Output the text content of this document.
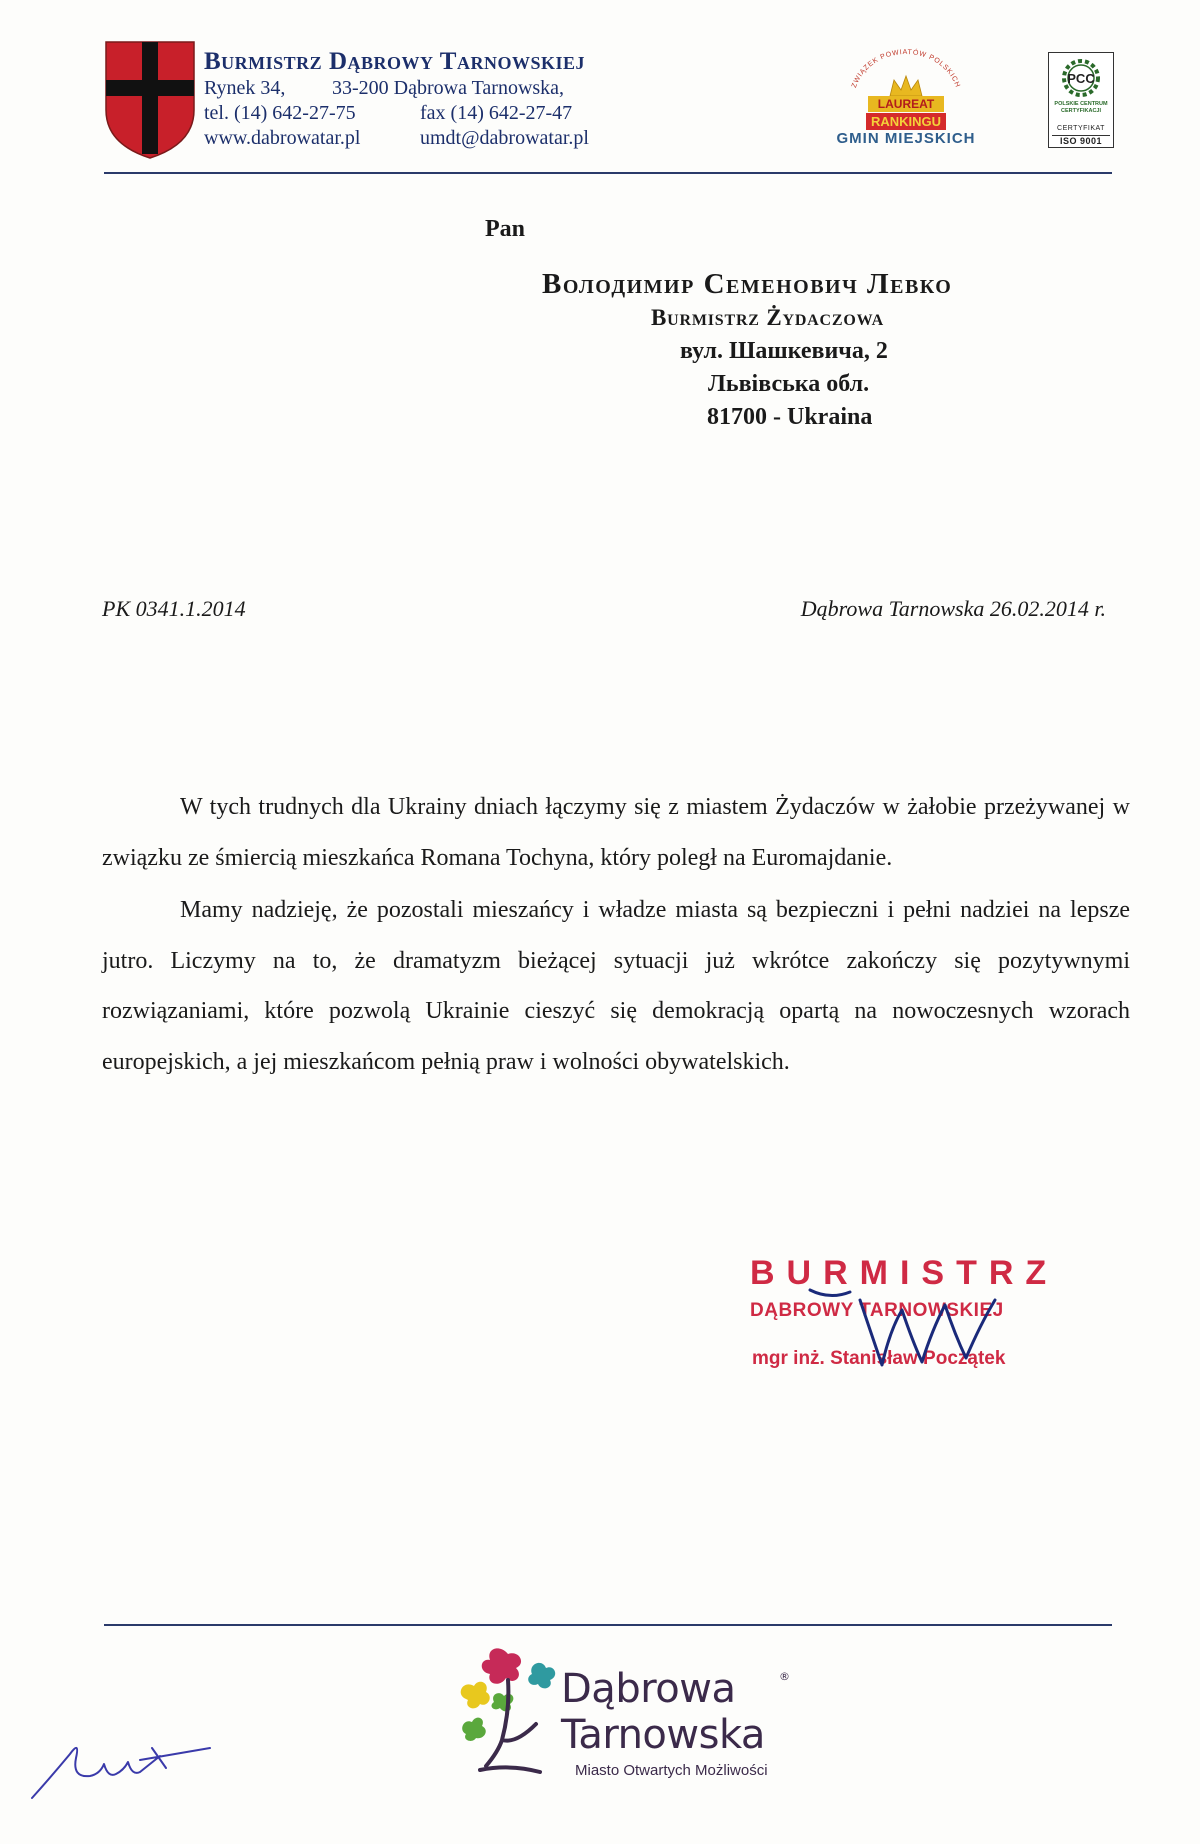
Burmistrz Dąbrowy Tarnowskiej
Rynek 34, 33-200 Dąbrowa Tarnowska,
tel. (14) 642-27-75	fax (14) 642-27-47
www.dabrowatar.pl	umdt@dabrowatar.pl
ZWIĄZEK POWIATÓW POLSKICH
LAUREAT
RANKINGU
GMIN MIEJSKICH
PCC
POLSKIE CENTRUM CERTYFIKACJI
CERTYFIKAT
ISO 9001
Pan
Володимир Семенович Левко
Burmistrz Żydaczowa
вул. Шашкевича, 2
Львівська обл.
81700 - Ukraina
PK 0341.1.2014	Dąbrowa Tarnowska 26.02.2014 r.

W tych trudnych dla Ukrainy dniach łączymy się z miastem Żydaczów w żałobie przeżywanej w związku ze śmiercią mieszkańca Romana Tochyna, który poległ na Euromajdanie.

Mamy nadzieję, że pozostali mieszańcy i władze miasta są bezpieczni i pełni nadziei na lepsze jutro. Liczymy na to, że dramatyzm bieżącej sytuacji już wkrótce zakończy się pozytywnymi rozwiązaniami, które pozwolą Ukrainie cieszyć się demokracją opartą na nowoczesnych wzorach europejskich, a jej mieszkańcom pełnią praw i wolności obywatelskich.

BURMISTRZ
DĄBROWY TARNOWSKIEJ
mgr inż. Stanisław Początek
Dąbrowa
Tarnowska
®
Miasto Otwartych Możliwości
